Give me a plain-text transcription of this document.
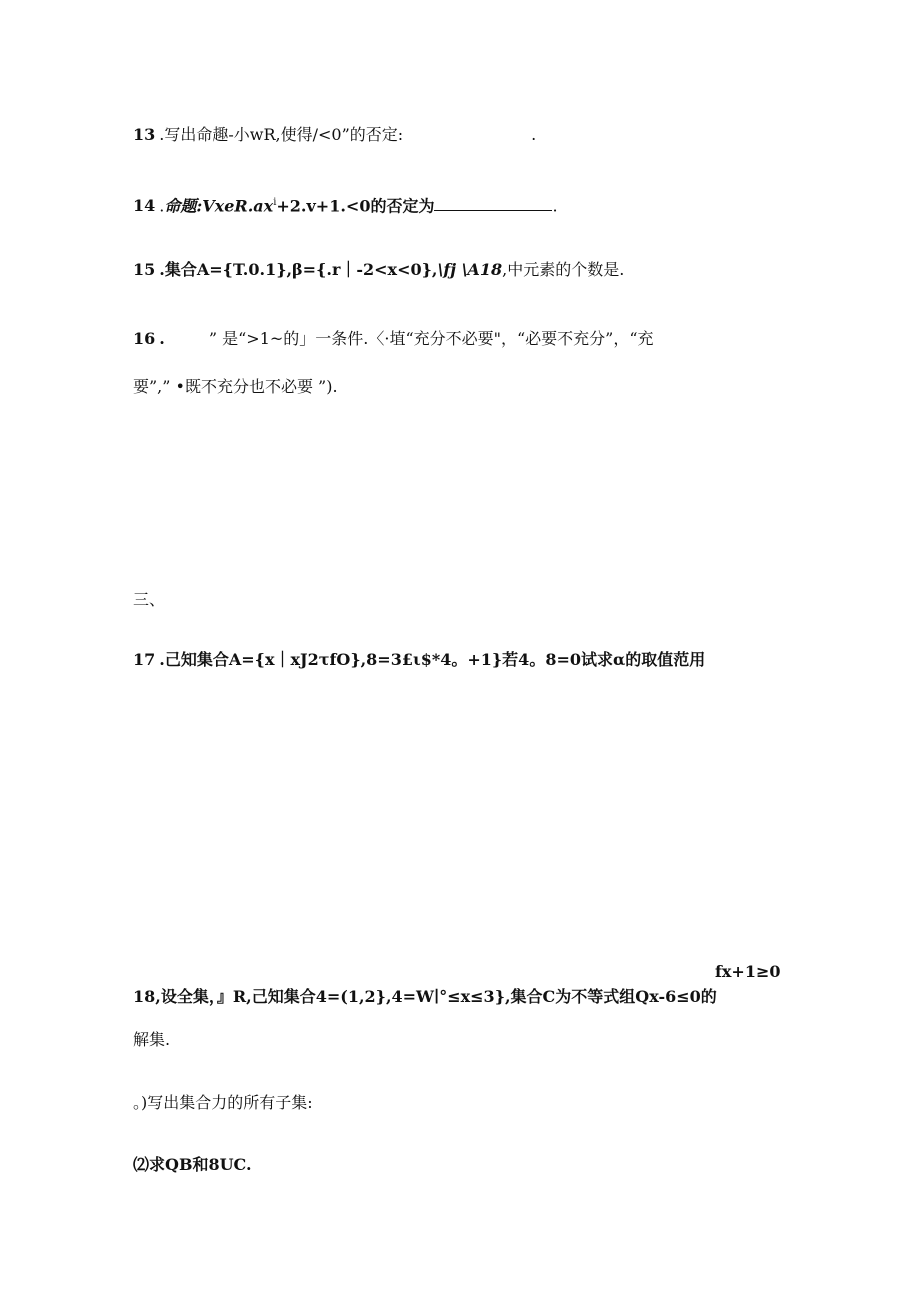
13 .写出命趣-小wR,使得/<0”的否定:	.
14 .命题$:VxeR.ax^i+2.v+1.<0$的否定为	.
15 .集合A={T.0.1},β={.r｜-2<x<0},\fj \A18,中元素的个数是.
16 .	” 是“>1~的」一条件.〈·埴“充分不必要"，“必要不充分”，“充
要”,” •既不充分也不必要 ”).
三、
17 .己知集合A={x｜xJ2τfO},8=3£ι$*4。+1}若4。8=0试求α的取值范用
fx+1≥0
18,设全集，』R,己知集合4=(1,2},4=W∣°≤x≤3},集合C为不等式组Qx-6≤0的
解集.
。)写出集合力的所有子集:
⑵求QB和8UC.
